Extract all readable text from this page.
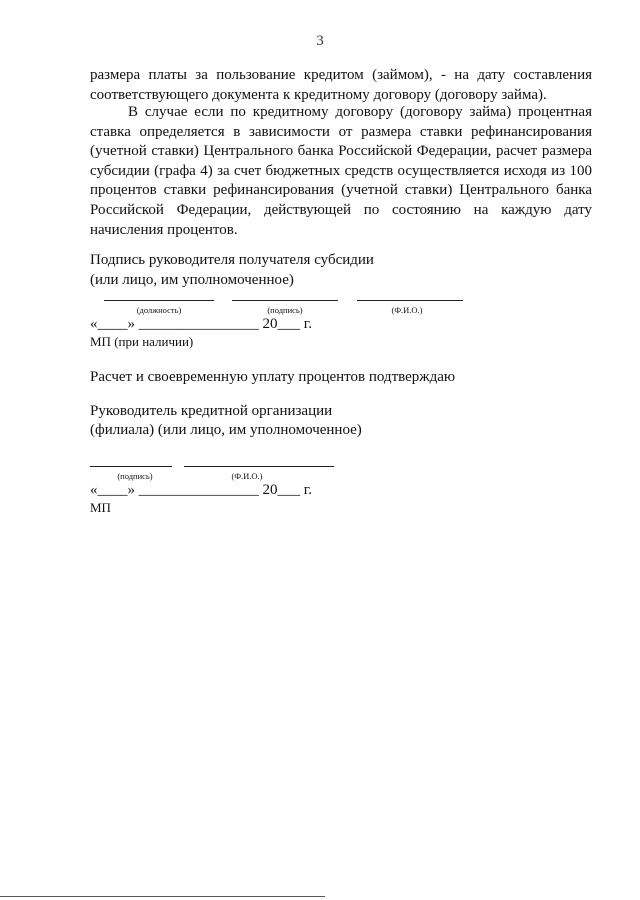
3

размера платы за пользование кредитом (займом), - на дату составления соответствующего документа к кредитному договору (договору займа).

В случае если по кредитному договору (договору займа) процентная ставка определяется в зависимости от размера ставки рефинансирования (учетной ставки) Центрального банка Российской Федерации, расчет размера субсидии (графа 4) за счет бюджетных средств осуществляется исходя из 100 процентов ставки рефинансирования (учетной ставки) Центрального банка Российской Федерации, действующей по состоянию на каждую дату начисления процентов.

Подпись руководителя получателя субсидии
(или лицо, им уполномоченное)
(должность)	(подпись)	(Ф.И.О.)
«____» ________________ 20___ г.
МП (при наличии)
Расчет и своевременную уплату процентов подтверждаю
Руководитель кредитной организации
(филиала) (или лицо, им уполномоченное)
(подпись)	(Ф.И.О.)
«____» ________________ 20___ г.
МП
